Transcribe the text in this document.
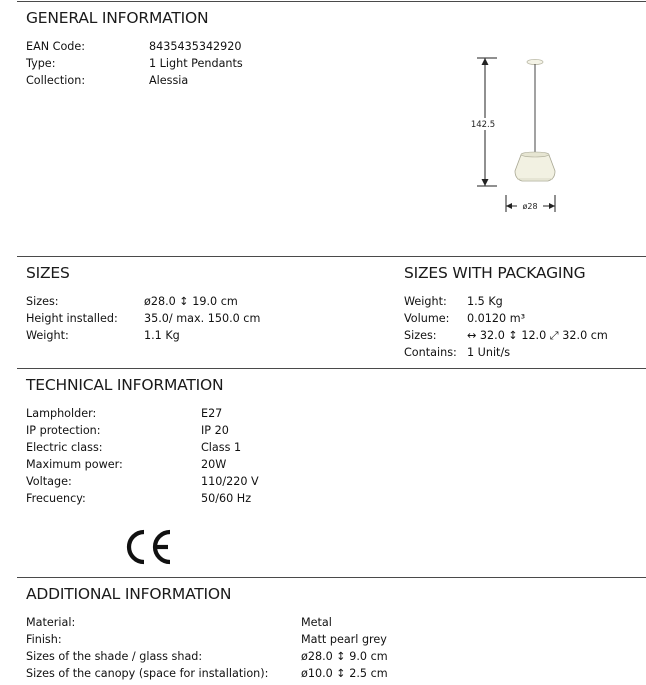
GENERAL INFORMATION
EAN Code:	8435435342920
Type:	1 Light Pendants
Collection:	Alessia
142.5
ø28
SIZES
Sizes:	ø28.0 ↕ 19.0 cm
Height installed: 35.0/ max. 150.0 cm
Weight:	1.1 Kg
SIZES WITH PACKAGING
Weight: 1.5 Kg
Volume: 0.0120 m³
Sizes:	↔ 32.0 ↕ 12.0 ⤢ 32.0 cm
Contains: 1 Unit/s
TECHNICAL INFORMATION
Lampholder:	E27
IP protection:	IP 20
Electric class:	Class 1
Maximum power:	20W
Voltage:	110/220 V
Frecuency:	50/60 Hz
ADDITIONAL INFORMATION
Material:	Metal
Finish:	Matt pearl grey
Sizes of the shade / glass shad:	ø28.0 ↕ 9.0 cm
Sizes of the canopy (space for installation):	ø10.0 ↕ 2.5 cm
